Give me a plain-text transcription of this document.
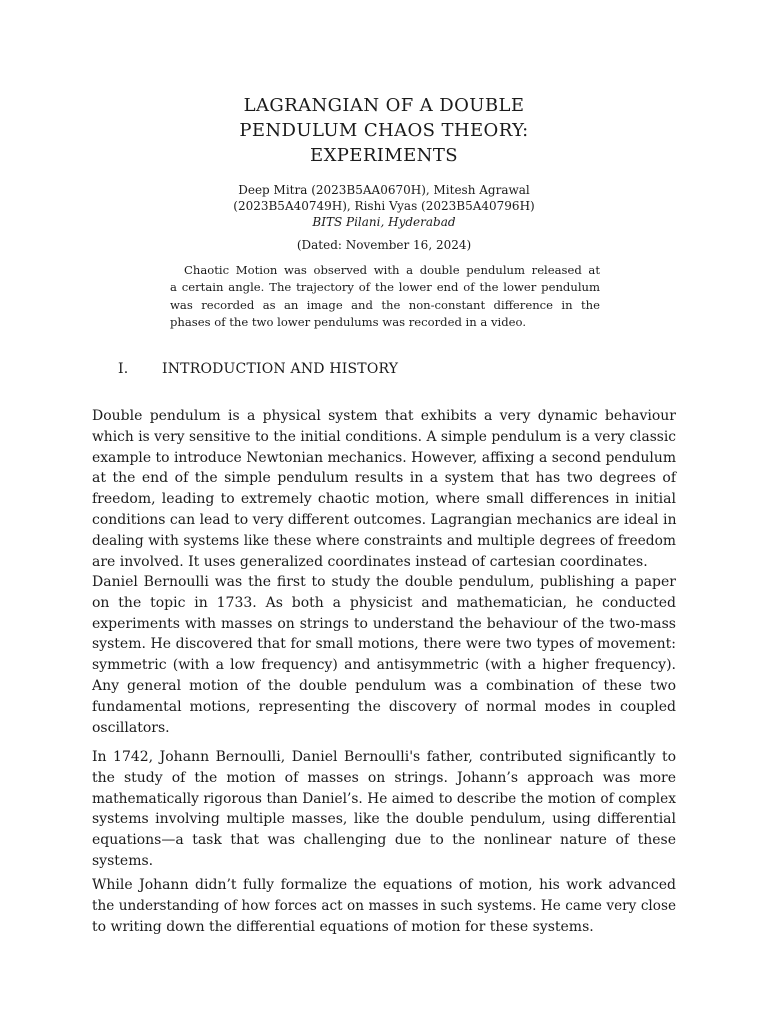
LAGRANGIAN OF A DOUBLE
PENDULUM CHAOS THEORY:
EXPERIMENTS
Deep Mitra (2023B5AA0670H), Mitesh Agrawal
(2023B5A40749H), Rishi Vyas (2023B5A40796H)
BITS Pilani, Hyderabad
(Dated: November 16, 2024)
Chaotic Motion was observed with a double pendulum released at
a certain angle. The trajectory of the lower end of the lower pendulum
was recorded as an image and the non-constant difference in the
phases of the two lower pendulums was recorded in a video.
I. INTRODUCTION AND HISTORY
Double pendulum is a physical system that exhibits a very dynamic behaviour
which is very sensitive to the initial conditions. A simple pendulum is a very classic
example to introduce Newtonian mechanics. However, affixing a second pendulum
at the end of the simple pendulum results in a system that has two degrees of
freedom, leading to extremely chaotic motion, where small differences in initial
conditions can lead to very different outcomes. Lagrangian mechanics are ideal in
dealing with systems like these where constraints and multiple degrees of freedom
are involved. It uses generalized coordinates instead of cartesian coordinates.
Daniel Bernoulli was the first to study the double pendulum, publishing a paper
on the topic in 1733. As both a physicist and mathematician, he conducted
experiments with masses on strings to understand the behaviour of the two-mass
system. He discovered that for small motions, there were two types of movement:
symmetric (with a low frequency) and antisymmetric (with a higher frequency).
Any general motion of the double pendulum was a combination of these two
fundamental motions, representing the discovery of normal modes in coupled
oscillators.
In 1742, Johann Bernoulli, Daniel Bernoulli's father, contributed significantly to
the study of the motion of masses on strings. Johann’s approach was more
mathematically rigorous than Daniel’s. He aimed to describe the motion of complex
systems involving multiple masses, like the double pendulum, using differential
equations—a task that was challenging due to the nonlinear nature of these
systems.
While Johann didn’t fully formalize the equations of motion, his work advanced
the understanding of how forces act on masses in such systems. He came very close
to writing down the differential equations of motion for these systems.
